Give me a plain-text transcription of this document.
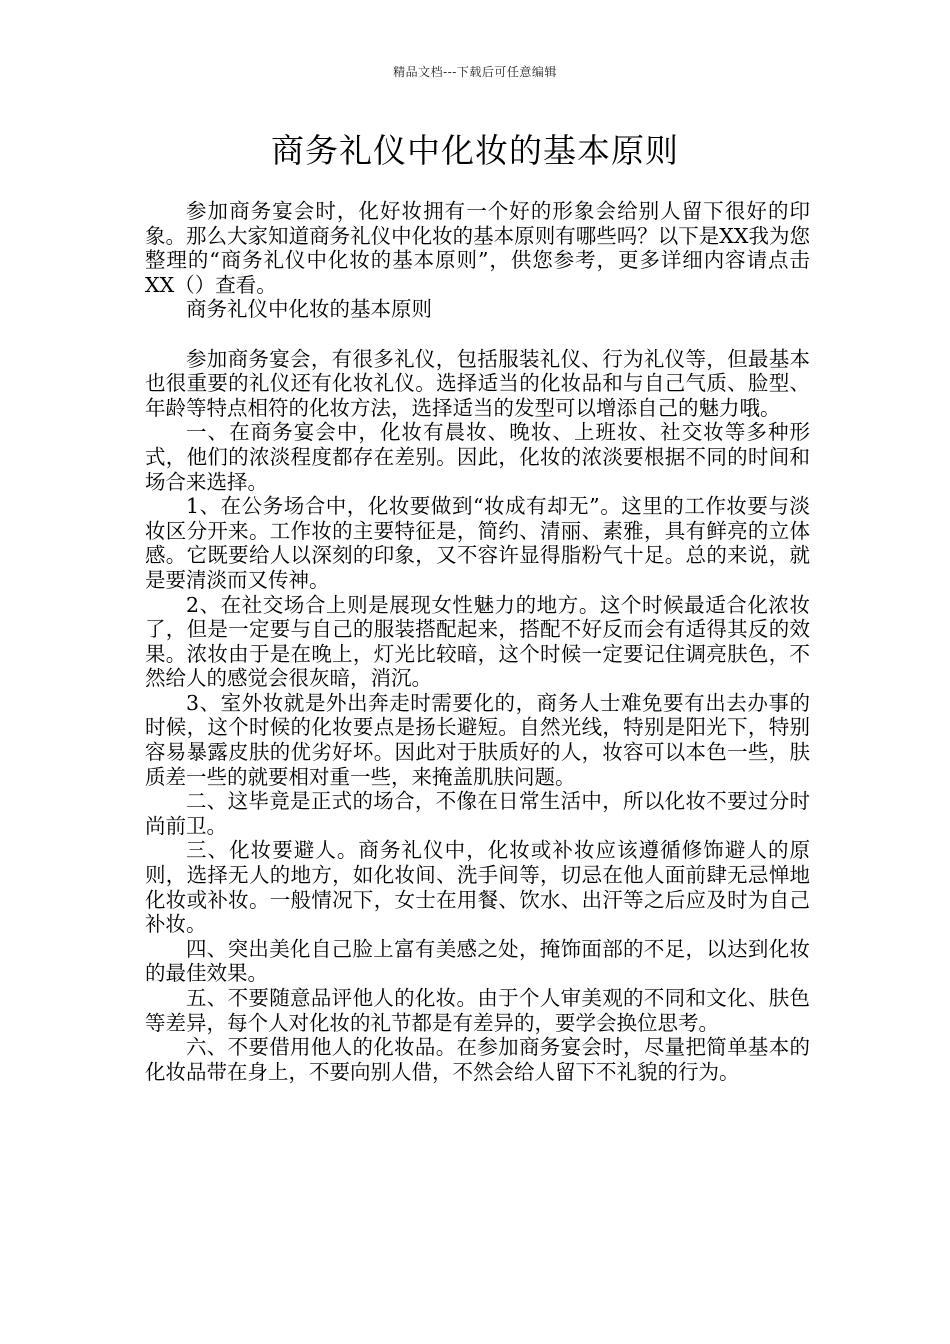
精品文档---下载后可任意编辑
商务礼仪中化妆的基本原则

参加商务宴会时，化好妆拥有一个好的形象会给别人留下很好的印象。那么大家知道商务礼仪中化妆的基本原则有哪些吗？以下是XX我为您整理的“商务礼仪中化妆的基本原则”，供您参考，更多详细内容请点击XX（）查看。

商务礼仪中化妆的基本原则

参加商务宴会，有很多礼仪，包括服装礼仪、行为礼仪等，但最基本也很重要的礼仪还有化妆礼仪。选择适当的化妆品和与自己气质、脸型、年龄等特点相符的化妆方法，选择适当的发型可以增添自己的魅力哦。

一、在商务宴会中，化妆有晨妆、晚妆、上班妆、社交妆等多种形式，他们的浓淡程度都存在差别。因此，化妆的浓淡要根据不同的时间和场合来选择。

1、在公务场合中，化妆要做到“妆成有却无”。这里的工作妆要与淡妆区分开来。工作妆的主要特征是，简约、清丽、素雅，具有鲜亮的立体感。它既要给人以深刻的印象，又不容许显得脂粉气十足。总的来说，就是要清淡而又传神。

2、在社交场合上则是展现女性魅力的地方。这个时候最适合化浓妆了，但是一定要与自己的服装搭配起来，搭配不好反而会有适得其反的效果。浓妆由于是在晚上，灯光比较暗，这个时候一定要记住调亮肤色，不然给人的感觉会很灰暗，消沉。

3、室外妆就是外出奔走时需要化的，商务人士难免要有出去办事的时候，这个时候的化妆要点是扬长避短。自然光线，特别是阳光下，特别容易暴露皮肤的优劣好坏。因此对于肤质好的人，妆容可以本色一些，肤质差一些的就要相对重一些，来掩盖肌肤问题。

二、这毕竟是正式的场合，不像在日常生活中，所以化妆不要过分时尚前卫。

三、化妆要避人。商务礼仪中，化妆或补妆应该遵循修饰避人的原则，选择无人的地方，如化妆间、洗手间等，切忌在他人面前肆无忌惮地化妆或补妆。一般情况下，女士在用餐、饮水、出汗等之后应及时为自己补妆。

四、突出美化自己脸上富有美感之处，掩饰面部的不足，以达到化妆的最佳效果。

五、不要随意品评他人的化妆。由于个人审美观的不同和文化、肤色等差异，每个人对化妆的礼节都是有差异的，要学会换位思考。

六、不要借用他人的化妆品。在参加商务宴会时，尽量把简单基本的化妆品带在身上，不要向别人借，不然会给人留下不礼貌的行为。
